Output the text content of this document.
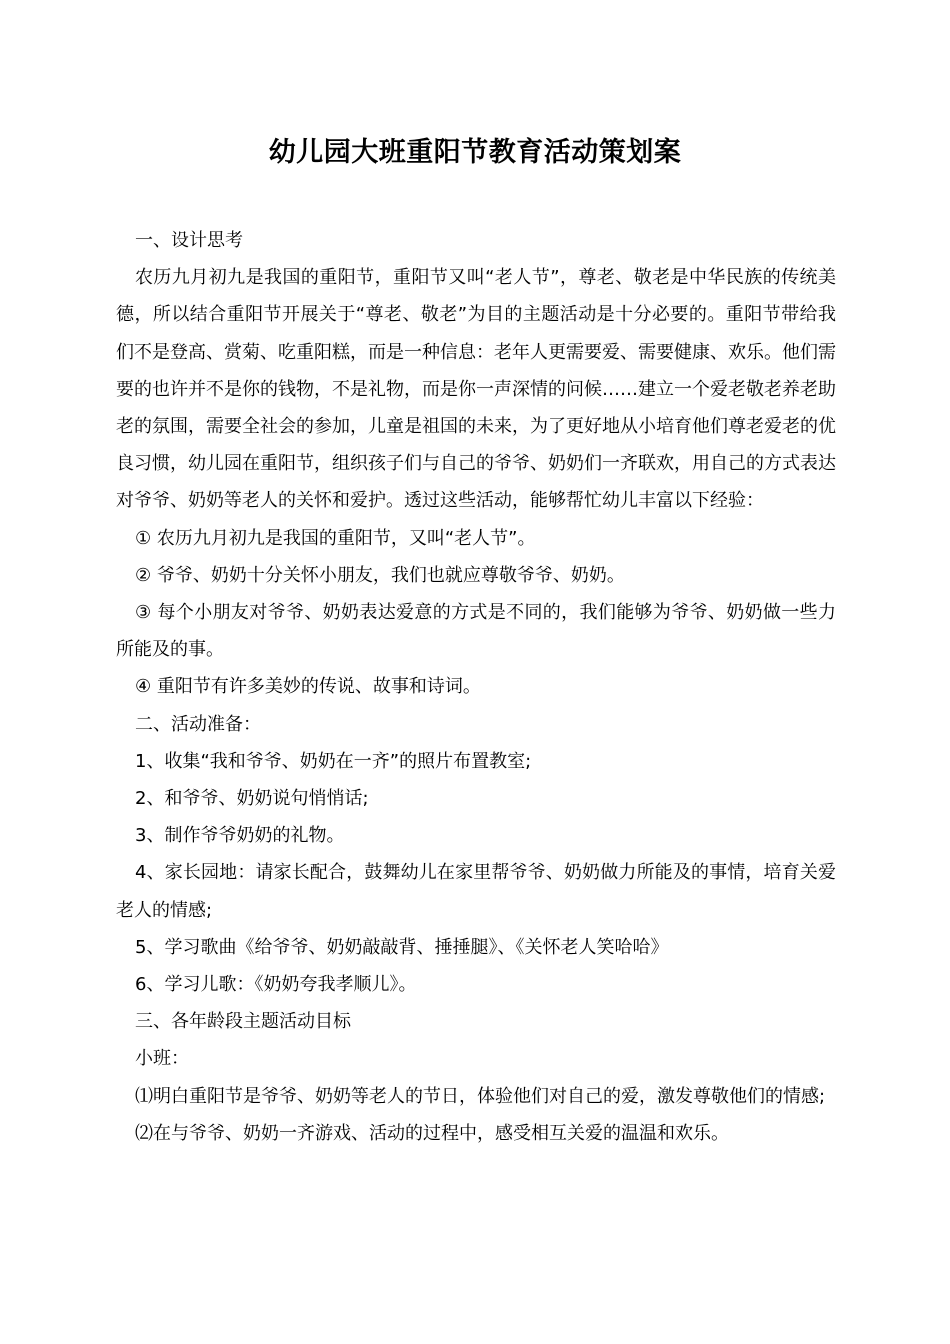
幼儿园大班重阳节教育活动策划案

一、设计思考

农历九月初九是我国的重阳节，重阳节又叫“老人节”，尊老、敬老是中华民族的传统美德，所以结合重阳节开展关于“尊老、敬老”为目的主题活动是十分必要的。重阳节带给我们不是登高、赏菊、吃重阳糕，而是一种信息：老年人更需要爱、需要健康、欢乐。他们需要的也许并不是你的钱物，不是礼物，而是你一声深情的问候……建立一个爱老敬老养老助老的氛围，需要全社会的参加，儿童是祖国的未来，为了更好地从小培育他们尊老爱老的优良习惯，幼儿园在重阳节，组织孩子们与自己的爷爷、奶奶们一齐联欢，用自己的方式表达对爷爷、奶奶等老人的关怀和爱护。透过这些活动，能够帮忙幼儿丰富以下经验：

① 农历九月初九是我国的重阳节，又叫“老人节”。

② 爷爷、奶奶十分关怀小朋友，我们也就应尊敬爷爷、奶奶。

③ 每个小朋友对爷爷、奶奶表达爱意的方式是不同的，我们能够为爷爷、奶奶做一些力所能及的事。

④ 重阳节有许多美妙的传说、故事和诗词。

二、活动准备：

1、收集“我和爷爷、奶奶在一齐”的照片布置教室;

2、和爷爷、奶奶说句悄悄话;

3、制作爷爷奶奶的礼物。

4、家长园地：请家长配合，鼓舞幼儿在家里帮爷爷、奶奶做力所能及的事情，培育关爱老人的情感;

5、学习歌曲《给爷爷、奶奶敲敲背、捶捶腿》、《关怀老人笑哈哈》

6、学习儿歌：《奶奶夸我孝顺儿》。

三、各年龄段主题活动目标

小班：

⑴明白重阳节是爷爷、奶奶等老人的节日，体验他们对自己的爱，激发尊敬他们的情感;

⑵在与爷爷、奶奶一齐游戏、活动的过程中，感受相互关爱的温温和欢乐。
